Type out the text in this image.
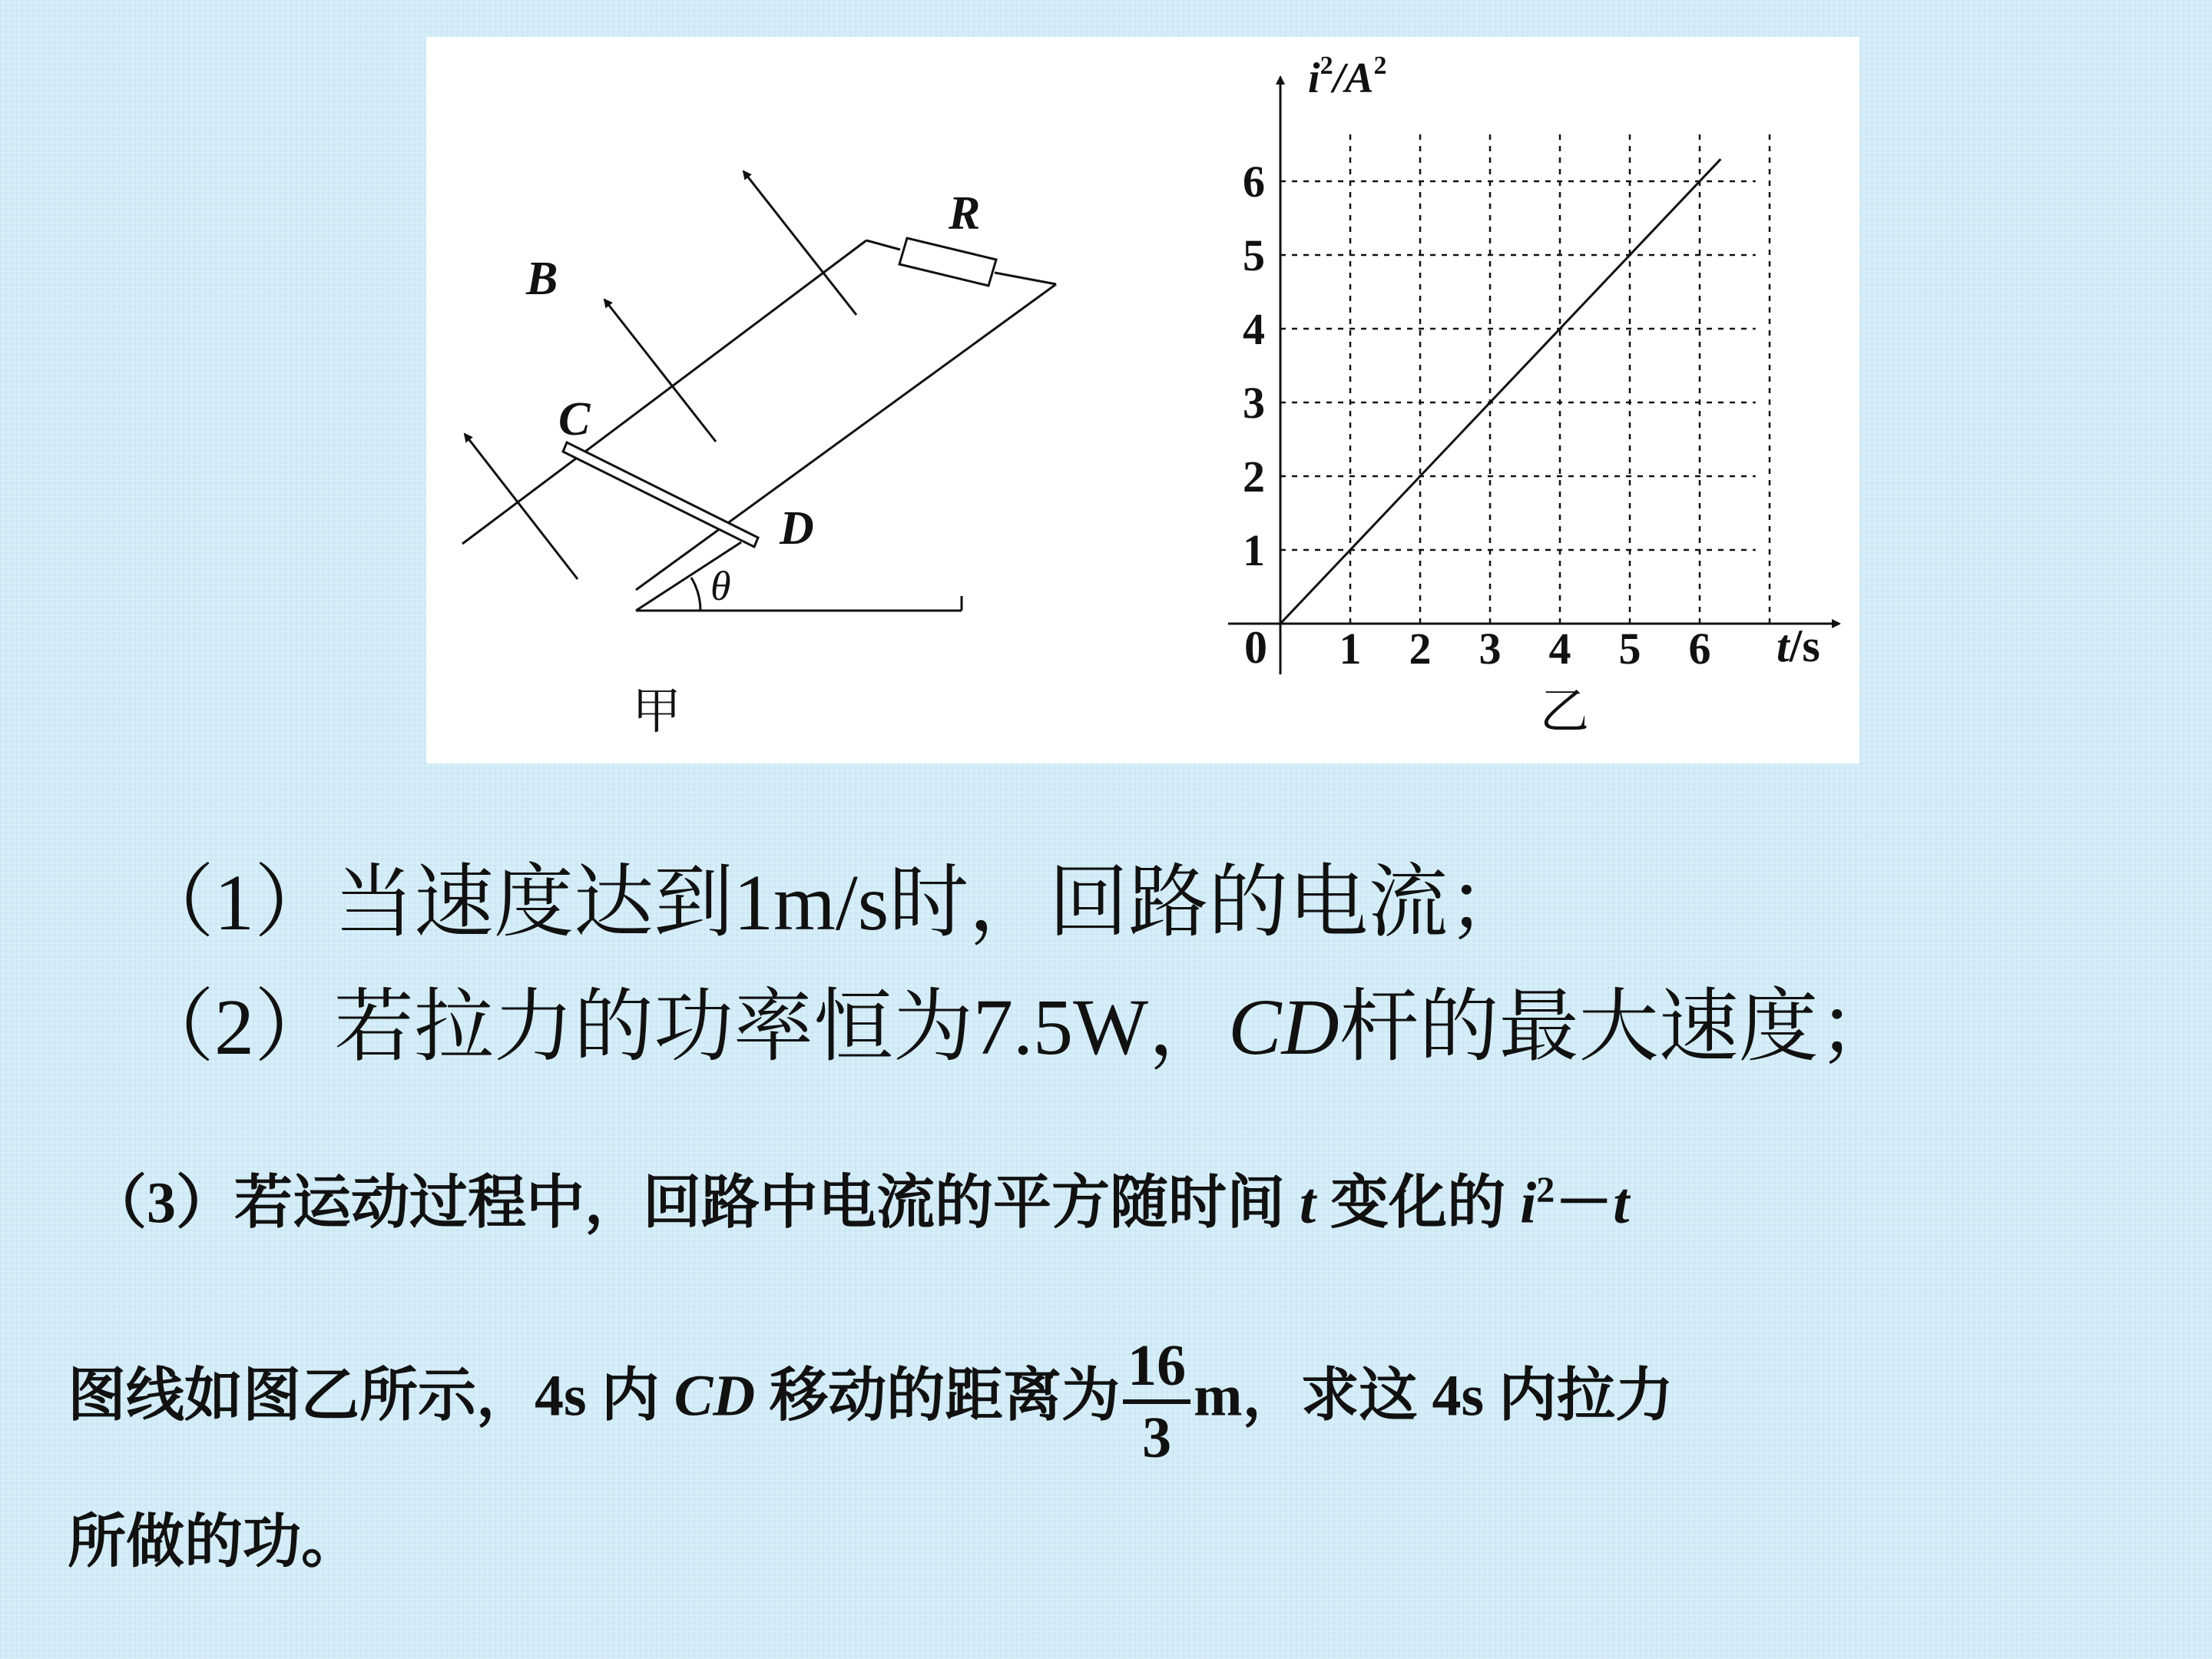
R
B
C
D
θ
甲
1
2
3
4
5
6
1 2 3 4 5 6
0
$i^2/A^2$
t/s
乙

（1）当速度达到1m/s时，回路的电流；

（2）若拉力的功率恒为7.5W，CD杆的最大速度；

（3）若运动过程中，回路中电流的平方随时间 t 变化的 $i^2-t$

图线如图乙所示，4s 内 CD 移动的距离为 $\frac{16}{3}$ m，求这 4s 内拉力

所做的功。
